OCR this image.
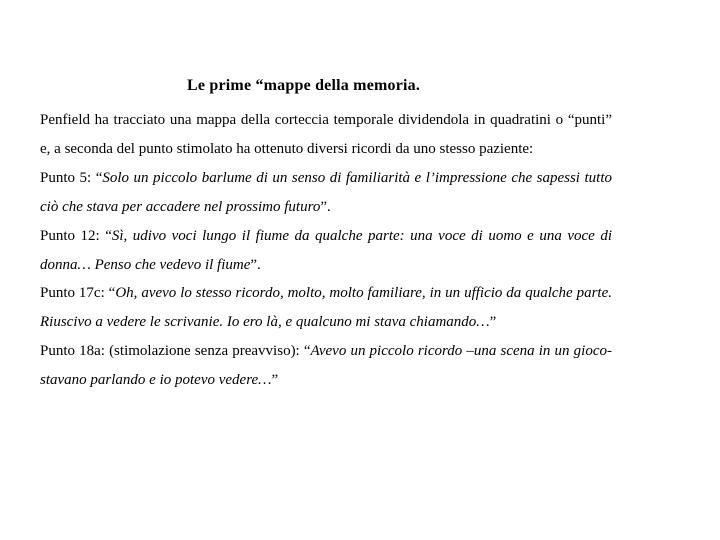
Le prime “mappe della memoria.

Penfield ha tracciato una mappa della corteccia temporale dividendola in quadratini o “punti” e, a seconda del punto stimolato ha ottenuto diversi ricordi da uno stesso paziente:

Punto 5: “Solo un piccolo barlume di un senso di familiarità e l’impressione che sapessi tutto ciò che stava per accadere nel prossimo futuro”.

Punto 12: “Sì, udivo voci lungo il fiume da qualche parte: una voce di uomo e una voce di donna… Penso che vedevo il fiume”.

Punto 17c: “Oh, avevo lo stesso ricordo, molto, molto familiare, in un ufficio da qualche parte. Riuscivo a vedere le scrivanie. Io ero là, e qualcuno mi stava chiamando…”

Punto 18a: (stimolazione senza preavviso): “Avevo un piccolo ricordo –una scena in un gioco- stavano parlando e io potevo vedere…”
